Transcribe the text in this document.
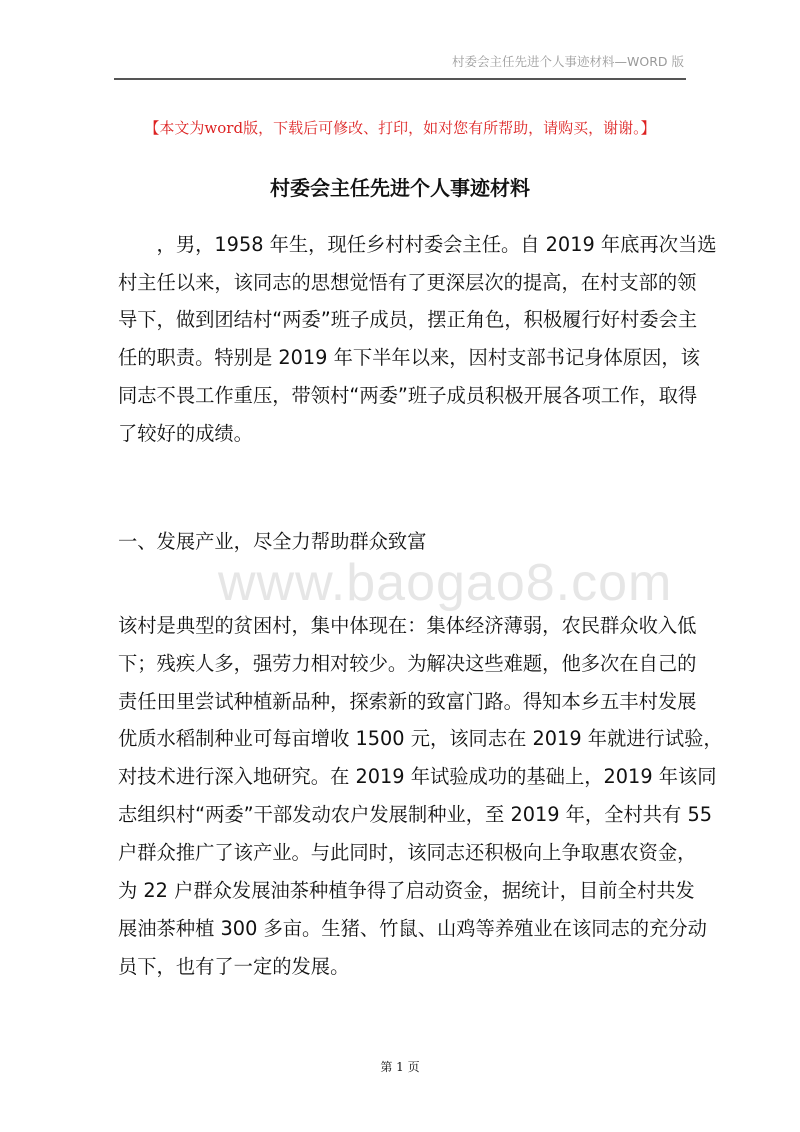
村委会主任先进个人事迹材料—WORD 版
【本文为word版，下载后可修改、打印，如对您有所帮助，请购买，谢谢。】
村委会主任先进个人事迹材料
　　，男，1958 年生，现任乡村村委会主任。自 2019 年底再次当选
村主任以来，该同志的思想觉悟有了更深层次的提高，在村支部的领
导下，做到团结村“两委”班子成员，摆正角色，积极履行好村委会主
任的职责。特别是 2019 年下半年以来，因村支部书记身体原因，该
同志不畏工作重压，带领村“两委”班子成员积极开展各项工作，取得
了较好的成绩。
一、发展产业，尽全力帮助群众致富
www.baogao8.com
该村是典型的贫困村，集中体现在：集体经济薄弱，农民群众收入低
下；残疾人多，强劳力相对较少。为解决这些难题，他多次在自己的
责任田里尝试种植新品种，探索新的致富门路。得知本乡五丰村发展
优质水稻制种业可每亩增收 1500 元，该同志在 2019 年就进行试验，
对技术进行深入地研究。在 2019 年试验成功的基础上，2019 年该同
志组织村“两委”干部发动农户发展制种业，至 2019 年，全村共有 55
户群众推广了该产业。与此同时，该同志还积极向上争取惠农资金，
为 22 户群众发展油茶种植争得了启动资金，据统计，目前全村共发
展油茶种植 300 多亩。生猪、竹鼠、山鸡等养殖业在该同志的充分动
员下，也有了一定的发展。
第 1 页
